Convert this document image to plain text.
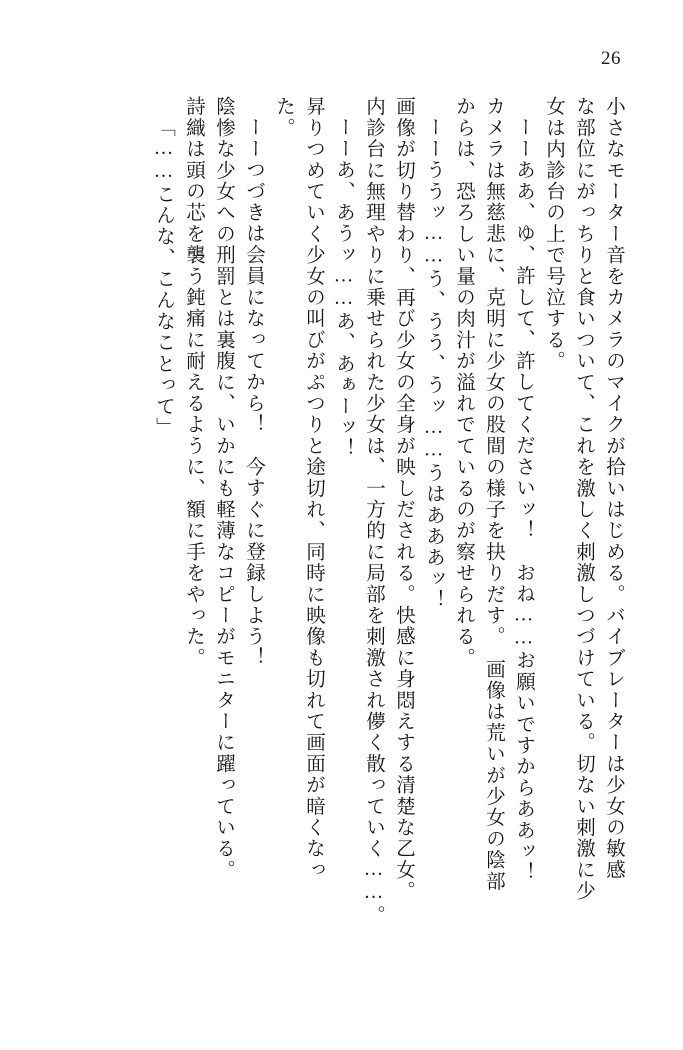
26
小さなモーター音をカメラのマイクが拾いはじめる。バイブレーターは少女の敏感
な部位にがっちりと食いついて、これを激しく刺激しつづけている。切ない刺激に少
女は内診台の上で号泣する。
ーーああ、ゆ、許して、許してくださいッ！　おね……お願いですからああッ！
カメラは無慈悲に、克明に少女の股間の様子を抉りだす。　画像は荒いが少女の陰部
からは、恐ろしい量の肉汁が溢れでているのが察せられる。
ーーううッ……う、うう、うッ……うはあああッ！
画像が切り替わり、再び少女の全身が映しだされる。快感に身悶えする清楚な乙女。
内診台に無理やりに乗せられた少女は、一方的に局部を刺激され儚く散っていく……。
ーーあ、あうッ……あ、あぁーッ！
昇りつめていく少女の叫びがぷつりと途切れ、同時に映像も切れて画面が暗くなっ
た。
ーーつづきは会員になってから！　今すぐに登録しよう！
陰惨な少女への刑罰とは裏腹に、いかにも軽薄なコピーがモニターに躍っている。
詩織は頭の芯を襲う鈍痛に耐えるように、額に手をやった。
「……こんな、こんなことって」
